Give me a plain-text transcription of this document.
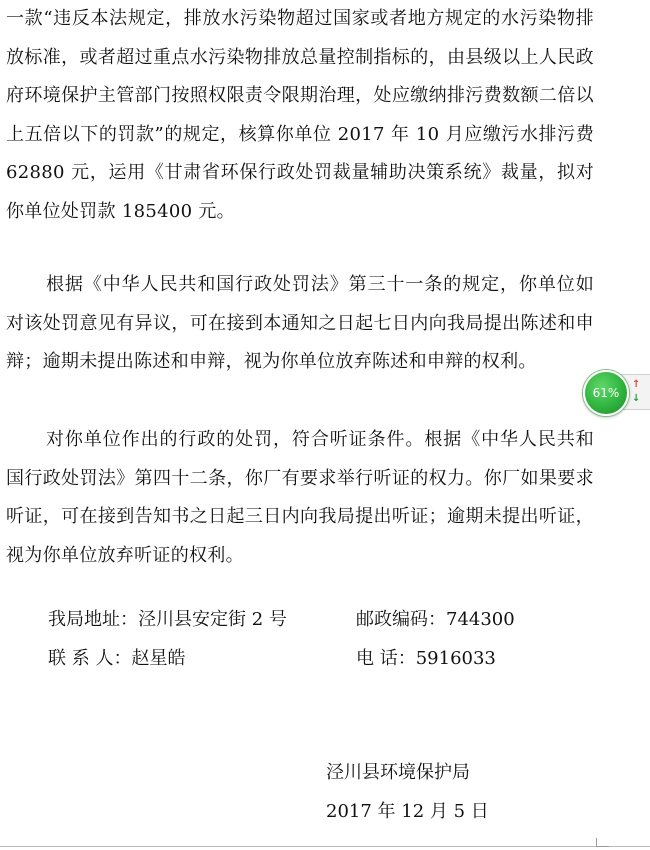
一款“违反本法规定，排放水污染物超过国家或者地方规定的水污染物排放标准，或者超过重点水污染物排放总量控制指标的，由县级以上人民政府环境保护主管部门按照权限责令限期治理，处应缴纳排污费数额二倍以上五倍以下的罚款”的规定，核算你单位 2017 年 10 月应缴污水排污费 62880 元，运用《甘肃省环保行政处罚裁量辅助决策系统》裁量，拟对你单位处罚款 185400 元。

根据《中华人民共和国行政处罚法》第三十一条的规定，你单位如对该处罚意见有异议，可在接到本通知之日起七日内向我局提出陈述和申辩；逾期未提出陈述和申辩，视为你单位放弃陈述和申辩的权利。

对你单位作出的行政的处罚，符合听证条件。根据《中华人民共和国行政处罚法》第四十二条，你厂有要求举行听证的权力。你厂如果要求听证，可在接到告知书之日起三日内向我局提出听证；逾期未提出听证，视为你单位放弃听证的权利。

我局地址：泾川县安定街 2 号	邮政编码：744300
联 系 人：赵星皓	电 话：5916033
泾川县环境保护局
2017 年 12 月 5 日
61%
↑
↓
